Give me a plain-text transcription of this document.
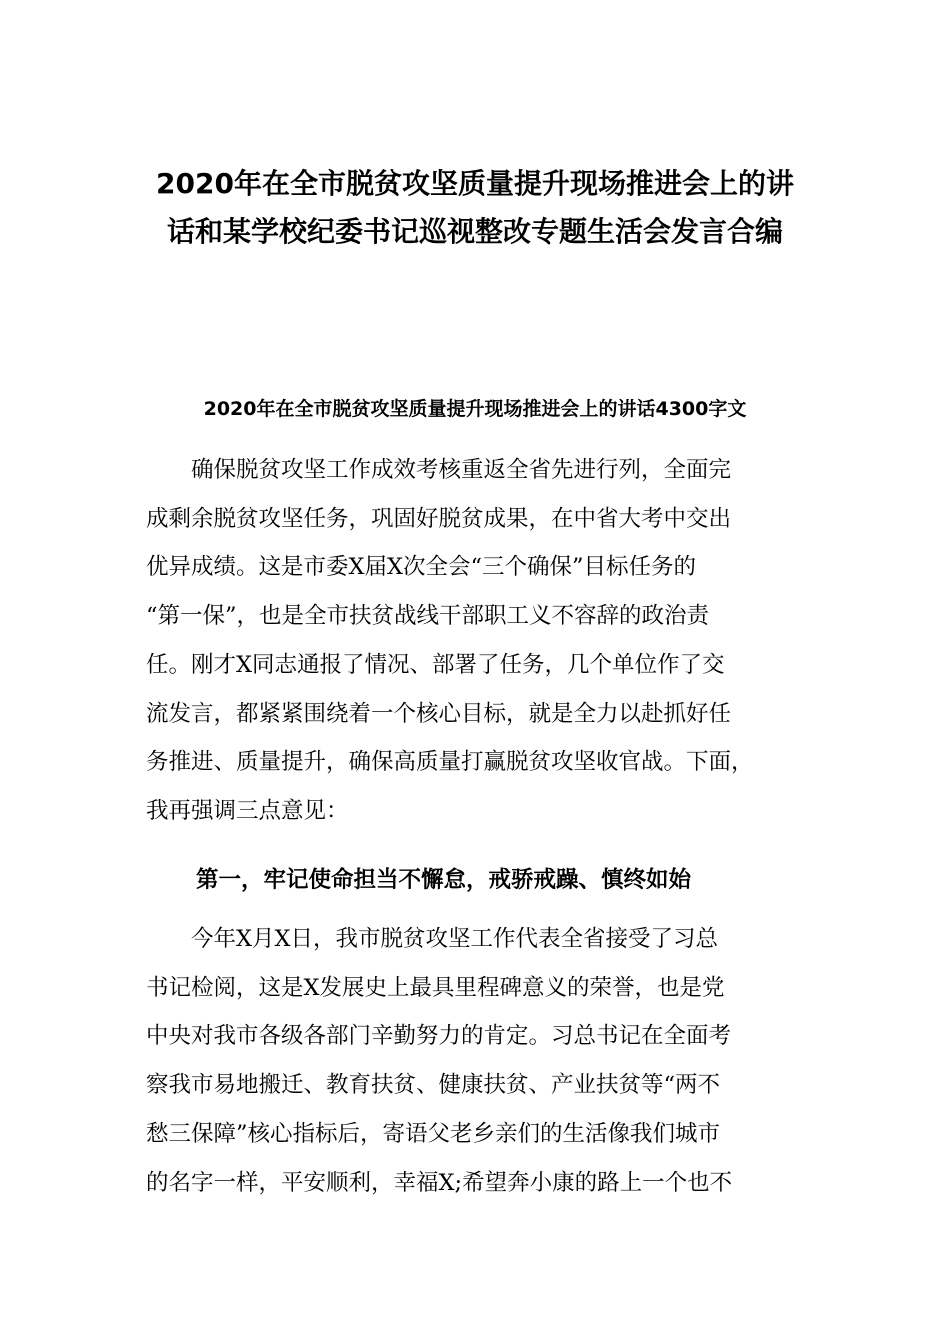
2020年在全市脱贫攻坚质量提升现场推进会上的讲
话和某学校纪委书记巡视整改专题生活会发言合编
2020年在全市脱贫攻坚质量提升现场推进会上的讲话4300字文
　　确保脱贫攻坚工作成效考核重返全省先进行列，全面完
成剩余脱贫攻坚任务，巩固好脱贫成果，在中省大考中交出
优异成绩。这是市委X届X次全会“三个确保”目标任务的
“第一保”，也是全市扶贫战线干部职工义不容辞的政治责
任。刚才X同志通报了情况、部署了任务，几个单位作了交
流发言，都紧紧围绕着一个核心目标，就是全力以赴抓好任
务推进、质量提升，确保高质量打赢脱贫攻坚收官战。下面，
我再强调三点意见：
第一，牢记使命担当不懈怠，戒骄戒躁、慎终如始
　　今年X月X日，我市脱贫攻坚工作代表全省接受了习总
书记检阅，这是X发展史上最具里程碑意义的荣誉，也是党
中央对我市各级各部门辛勤努力的肯定。习总书记在全面考
察我市易地搬迁、教育扶贫、健康扶贫、产业扶贫等“两不
愁三保障”核心指标后，寄语父老乡亲们的生活像我们城市
的名字一样，平安顺利，幸福X;希望奔小康的路上一个也不
